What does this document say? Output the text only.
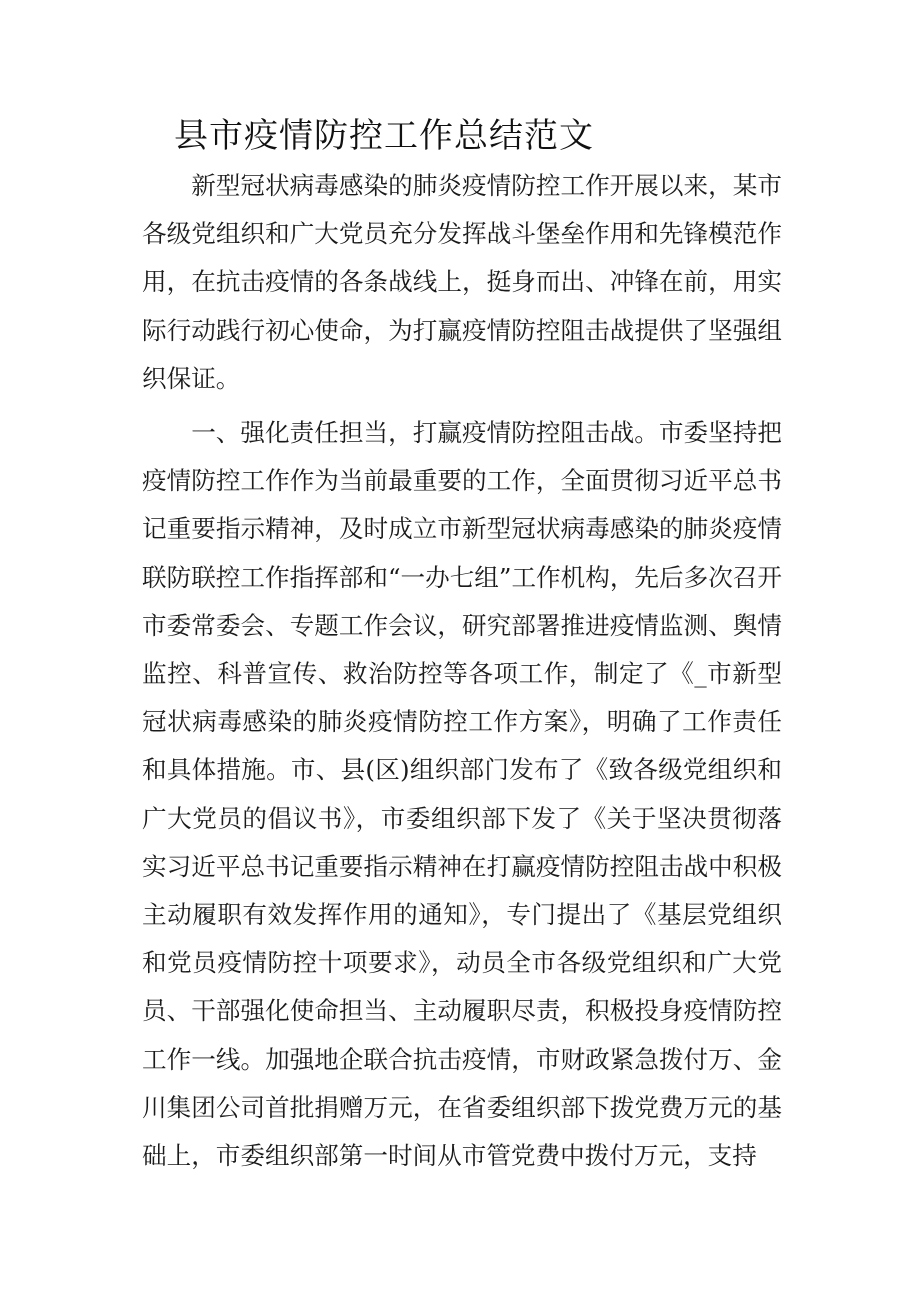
县市疫情防控工作总结范文

新型冠状病毒感染的肺炎疫情防控工作开展以来，某市各级党组织和广大党员充分发挥战斗堡垒作用和先锋模范作用，在抗击疫情的各条战线上，挺身而出、冲锋在前，用实际行动践行初心使命，为打赢疫情防控阻击战提供了坚强组织保证。

一、强化责任担当，打赢疫情防控阻击战。市委坚持把疫情防控工作作为当前最重要的工作，全面贯彻习近平总书记重要指示精神，及时成立市新型冠状病毒感染的肺炎疫情联防联控工作指挥部和“一办七组”工作机构，先后多次召开市委常委会、专题工作会议，研究部署推进疫情监测、舆情监控、科普宣传、救治防控等各项工作，制定了《_市新型冠状病毒感染的肺炎疫情防控工作方案》，明确了工作责任和具体措施。市、县(区)组织部门发布了《致各级党组织和广大党员的倡议书》，市委组织部下发了《关于坚决贯彻落实习近平总书记重要指示精神在打赢疫情防控阻击战中积极主动履职有效发挥作用的通知》，专门提出了《基层党组织和党员疫情防控十项要求》，动员全市各级党组织和广大党员、干部强化使命担当、主动履职尽责，积极投身疫情防控工作一线。加强地企联合抗击疫情，市财政紧急拨付万、金川集团公司首批捐赠万元，在省委组织部下拨党费万元的基础上，市委组织部第一时间从市管党费中拨付万元，支持
